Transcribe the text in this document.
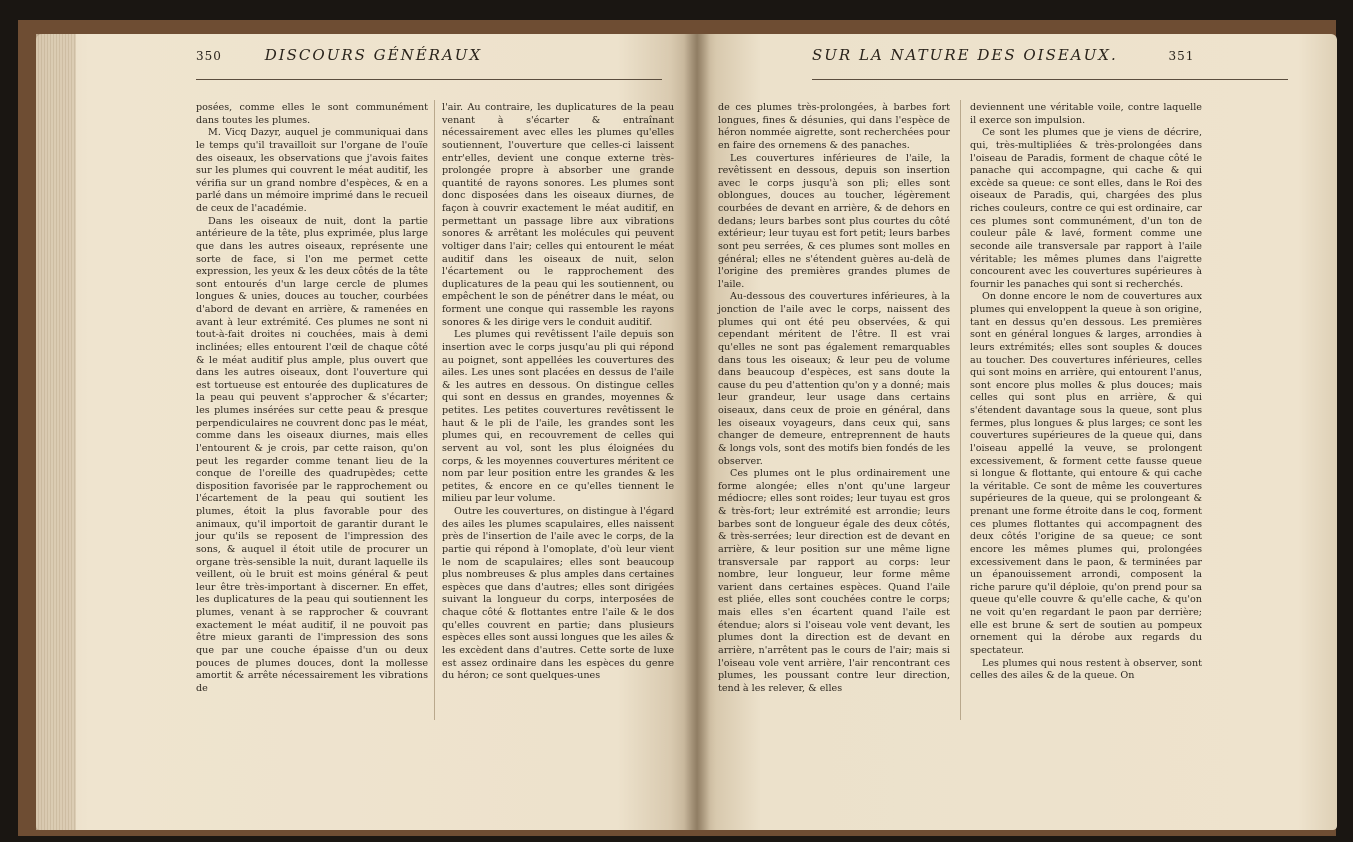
350	DISCOURS GÉNÉRAUX	SUR LA NATURE DES OISEAUX.	351

posées, comme elles le sont communément dans toutes les plumes.

M. Vicq Dazyr, auquel je communiquai dans le temps qu'il travailloit sur l'organe de l'ouïe des oiseaux, les observations que j'avois faites sur les plumes qui couvrent le méat auditif, les vérifia sur un grand nombre d'espèces, & en a parlé dans un mémoire imprimé dans le recueil de ceux de l'académie.

Dans les oiseaux de nuit, dont la partie antérieure de la tête, plus exprimée, plus large que dans les autres oiseaux, représente une sorte de face, si l'on me permet cette expression, les yeux & les deux côtés de la tête sont entourés d'un large cercle de plumes longues & unies, douces au toucher, courbées d'abord de devant en arrière, & ramenées en avant à leur extrémité. Ces plumes ne sont ni tout-à-fait droites ni couchées, mais à demi inclinées; elles entourent l'œil de chaque côté & le méat auditif plus ample, plus ouvert que dans les autres oiseaux, dont l'ouverture qui est tortueuse est entourée des duplicatures de la peau qui peuvent s'approcher & s'écarter; les plumes insérées sur cette peau & presque perpendiculaires ne couvrent donc pas le méat, comme dans les oiseaux diurnes, mais elles l'entourent & je crois, par cette raison, qu'on peut les regarder comme tenant lieu de la conque de l'oreille des quadrupèdes; cette disposition favorisée par le rapprochement ou l'écartement de la peau qui soutient les plumes, étoit la plus favorable pour des animaux, qu'il importoit de garantir durant le jour qu'ils se reposent de l'impression des sons, & auquel il étoit utile de procurer un organe très-sensible la nuit, durant laquelle ils veillent, où le bruit est moins général & peut leur être très-important à discerner. En effet, les duplicatures de la peau qui soutiennent les plumes, venant à se rapprocher & couvrant exactement le méat auditif, il ne pouvoit pas être mieux garanti de l'impression des sons que par une couche épaisse d'un ou deux pouces de plumes douces, dont la mollesse amortit & arrête nécessairement les vibrations de

l'air. Au contraire, les duplicatures de la peau venant à s'écarter & entraînant nécessairement avec elles les plumes qu'elles soutiennent, l'ouverture que celles-ci laissent entr'elles, devient une conque externe très-prolongée propre à absorber une grande quantité de rayons sonores. Les plumes sont donc disposées dans les oiseaux diurnes, de façon à couvrir exactement le méat auditif, en permettant un passage libre aux vibrations sonores & arrêtant les molécules qui peuvent voltiger dans l'air; celles qui entourent le méat auditif dans les oiseaux de nuit, selon l'écartement ou le rapprochement des duplicatures de la peau qui les soutiennent, ou empêchent le son de pénétrer dans le méat, ou forment une conque qui rassemble les rayons sonores & les dirige vers le conduit auditif.

Les plumes qui revêtissent l'aile depuis son insertion avec le corps jusqu'au pli qui répond au poignet, sont appellées les couvertures des ailes. Les unes sont placées en dessus de l'aile & les autres en dessous. On distingue celles qui sont en dessus en grandes, moyennes & petites. Les petites couvertures revêtissent le haut & le pli de l'aile, les grandes sont les plumes qui, en recouvrement de celles qui servent au vol, sont les plus éloignées du corps, & les moyennes couvertures méritent ce nom par leur position entre les grandes & les petites, & encore en ce qu'elles tiennent le milieu par leur volume.

Outre les couvertures, on distingue à l'égard des ailes les plumes scapulaires, elles naissent près de l'insertion de l'aile avec le corps, de la partie qui répond à l'omoplate, d'où leur vient le nom de scapulaires; elles sont beaucoup plus nombreuses & plus amples dans certaines espèces que dans d'autres; elles sont dirigées suivant la longueur du corps, interposées de chaque côté & flottantes entre l'aile & le dos qu'elles couvrent en partie; dans plusieurs espèces elles sont aussi longues que les ailes & les excèdent dans d'autres. Cette sorte de luxe est assez ordinaire dans les espèces du genre du héron; ce sont quelques-unes

de ces plumes très-prolongées, à barbes fort longues, fines & désunies, qui dans l'espèce de héron nommée aigrette, sont recherchées pour en faire des ornemens & des panaches.

Les couvertures inférieures de l'aile, la revêtissent en dessous, depuis son insertion avec le corps jusqu'à son pli; elles sont oblongues, douces au toucher, légèrement courbées de devant en arrière, & de dehors en dedans; leurs barbes sont plus courtes du côté extérieur; leur tuyau est fort petit; leurs barbes sont peu serrées, & ces plumes sont molles en général; elles ne s'étendent guères au-delà de l'origine des premières grandes plumes de l'aile.

Au-dessous des couvertures inférieures, à la jonction de l'aile avec le corps, naissent des plumes qui ont été peu observées, & qui cependant méritent de l'être. Il est vrai qu'elles ne sont pas également remarquables dans tous les oiseaux; & leur peu de volume dans beaucoup d'espèces, est sans doute la cause du peu d'attention qu'on y a donné; mais leur grandeur, leur usage dans certains oiseaux, dans ceux de proie en général, dans les oiseaux voyageurs, dans ceux qui, sans changer de demeure, entreprennent de hauts & longs vols, sont des motifs bien fondés de les observer.

Ces plumes ont le plus ordinairement une forme alongée; elles n'ont qu'une largeur médiocre; elles sont roides; leur tuyau est gros & très-fort; leur extrémité est arrondie; leurs barbes sont de longueur égale des deux côtés, & très-serrées; leur direction est de devant en arrière, & leur position sur une même ligne transversale par rapport au corps: leur nombre, leur longueur, leur forme même varient dans certaines espèces. Quand l'aile est pliée, elles sont couchées contre le corps; mais elles s'en écartent quand l'aile est étendue; alors si l'oiseau vole vent devant, les plumes dont la direction est de devant en arrière, n'arrêtent pas le cours de l'air; mais si l'oiseau vole vent arrière, l'air rencontrant ces plumes, les poussant contre leur direction, tend à les relever, & elles

deviennent une véritable voile, contre laquelle il exerce son impulsion.

Ce sont les plumes que je viens de décrire, qui, très-multipliées & très-prolongées dans l'oiseau de Paradis, forment de chaque côté le panache qui accompagne, qui cache & qui excède sa queue: ce sont elles, dans le Roi des oiseaux de Paradis, qui, chargées des plus riches couleurs, contre ce qui est ordinaire, car ces plumes sont communément, d'un ton de couleur pâle & lavé, forment comme une seconde aile transversale par rapport à l'aile véritable; les mêmes plumes dans l'aigrette concourent avec les couvertures supérieures à fournir les panaches qui sont si recherchés.

On donne encore le nom de couvertures aux plumes qui enveloppent la queue à son origine, tant en dessus qu'en dessous. Les premières sont en général longues & larges, arrondies à leurs extrémités; elles sont souples & douces au toucher. Des couvertures inférieures, celles qui sont moins en arrière, qui entourent l'anus, sont encore plus molles & plus douces; mais celles qui sont plus en arrière, & qui s'étendent davantage sous la queue, sont plus fermes, plus longues & plus larges; ce sont les couvertures supérieures de la queue qui, dans l'oiseau appellé la veuve, se prolongent excessivement, & forment cette fausse queue si longue & flottante, qui entoure & qui cache la véritable. Ce sont de même les couvertures supérieures de la queue, qui se prolongeant & prenant une forme étroite dans le coq, forment ces plumes flottantes qui accompagnent des deux côtés l'origine de sa queue; ce sont encore les mêmes plumes qui, prolongées excessivement dans le paon, & terminées par un épanouissement arrondi, composent la riche parure qu'il déploie, qu'on prend pour sa queue qu'elle couvre & qu'elle cache, & qu'on ne voit qu'en regardant le paon par derrière; elle est brune & sert de soutien au pompeux ornement qui la dérobe aux regards du spectateur.

Les plumes qui nous restent à observer, sont celles des ailes & de la queue. On
